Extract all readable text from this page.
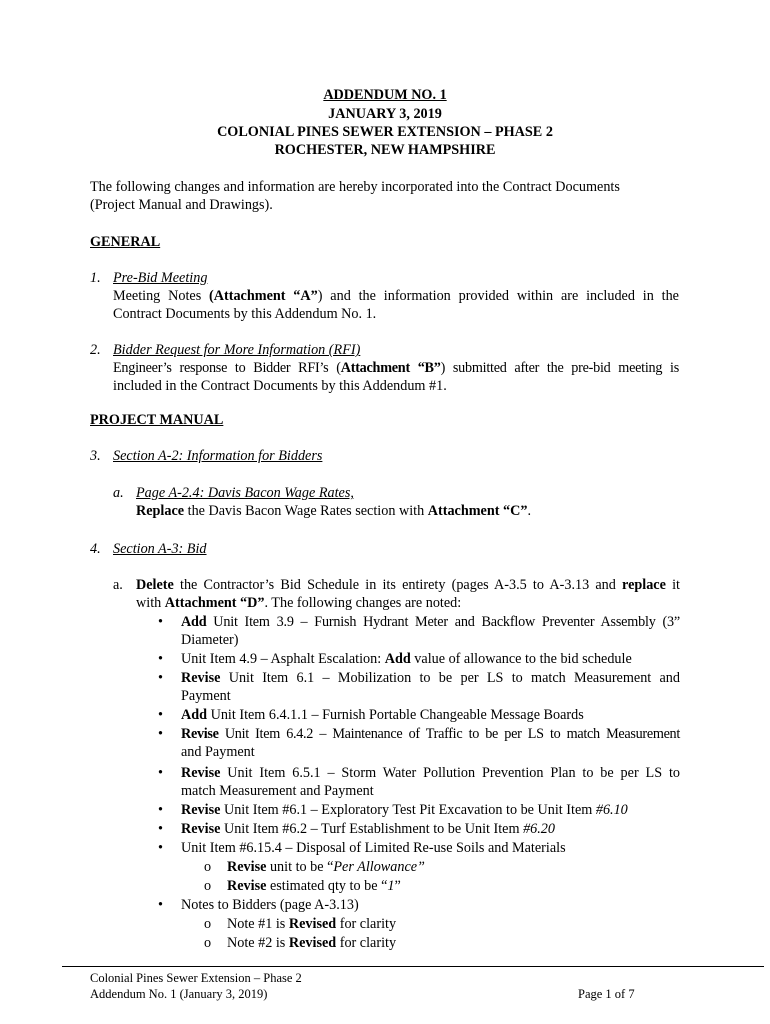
ADDENDUM NO. 1
JANUARY 3, 2019
COLONIAL PINES SEWER EXTENSION – PHASE 2
ROCHESTER, NEW HAMPSHIRE
The following changes and information are hereby incorporated into the Contract Documents
(Project Manual and Drawings).
GENERAL
1. Pre-Bid Meeting
Meeting Notes (Attachment “A”) and the information provided within are included in the
Contract Documents by this Addendum No. 1.
2. Bidder Request for More Information (RFI)
Engineer’s response to Bidder RFI’s (Attachment “B”) submitted after the pre-bid meeting is
included in the Contract Documents by this Addendum #1.
PROJECT MANUAL
3. Section A-2: Information for Bidders
a. Page A-2.4: Davis Bacon Wage Rates,
Replace the Davis Bacon Wage Rates section with Attachment “C”.
4. Section A-3: Bid
a. Delete the Contractor’s Bid Schedule in its entirety (pages A-3.5 to A-3.13 and replace it
with Attachment “D”. The following changes are noted:
•
Add Unit Item 3.9 – Furnish Hydrant Meter and Backflow Preventer Assembly (3”
Diameter)
•
Unit Item 4.9 – Asphalt Escalation: Add value of allowance to the bid schedule
•
Revise Unit Item 6.1 – Mobilization to be per LS to match Measurement and
Payment
•
Add Unit Item 6.4.1.1 – Furnish Portable Changeable Message Boards
•
Revise Unit Item 6.4.2 – Maintenance of Traffic to be per LS to match Measurement
and Payment
•
Revise Unit Item 6.5.1 – Storm Water Pollution Prevention Plan to be per LS to
match Measurement and Payment
•
Revise Unit Item #6.1 – Exploratory Test Pit Excavation to be Unit Item #6.10
•
Revise Unit Item #6.2 – Turf Establishment to be Unit Item #6.20
•
Unit Item #6.15.4 – Disposal of Limited Re-use Soils and Materials
o Revise unit to be “Per Allowance”
o Revise estimated qty to be “1”
•
Notes to Bidders (page A-3.13)
o Note #1 is Revised for clarity
o Note #2 is Revised for clarity
Colonial Pines Sewer Extension – Phase 2
Addendum No. 1 (January 3, 2019)	Page 1 of 7
